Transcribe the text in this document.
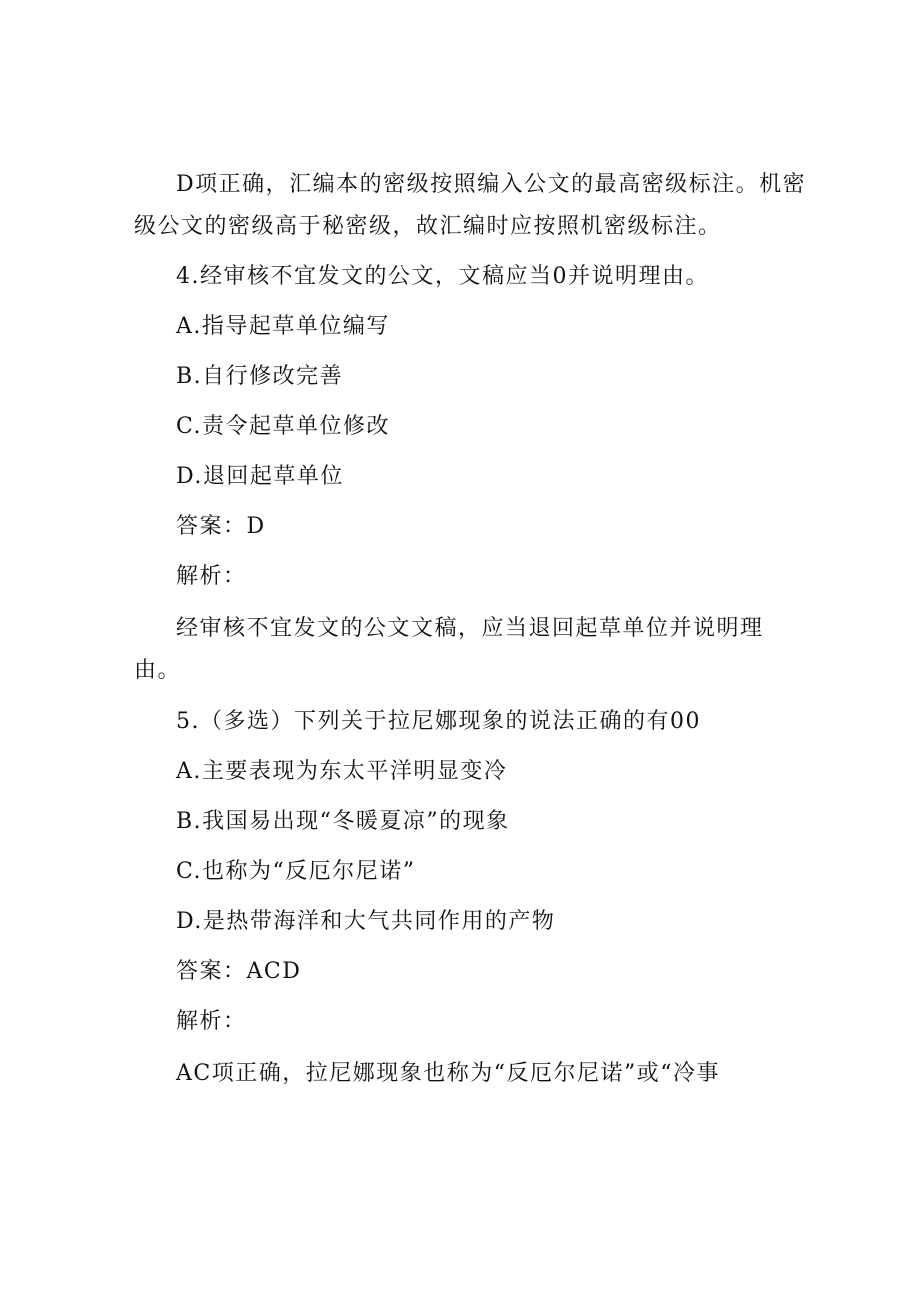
D项正确，汇编本的密级按照编入公文的最高密级标注。机密
级公文的密级高于秘密级，故汇编时应按照机密级标注。
4.经审核不宜发文的公文，文稿应当0并说明理由。
A.指导起草单位编写
B.自行修改完善
C.责令起草单位修改
D.退回起草单位
答案：D
解析：
经审核不宜发文的公文文稿，应当退回起草单位并说明理
由。
5.（多选）下列关于拉尼娜现象的说法正确的有00
A.主要表现为东太平洋明显变冷
B.我国易出现“冬暖夏凉”的现象
C.也称为“反厄尔尼诺”
D.是热带海洋和大气共同作用的产物
答案：ACD
解析：
AC项正确，拉尼娜现象也称为“反厄尔尼诺”或“冷事
